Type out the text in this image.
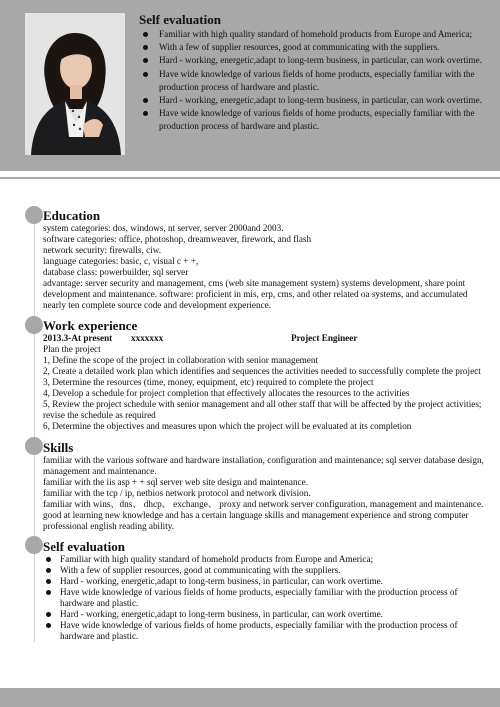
Self evaluation
Familiar with high quality standard of homehold products from Europe and America;
With a few of supplier resources, good at communicating with the suppliers.
Hard - working, energetic,adapt to long-term business, in particular, can work overtime.
Have wide knowledge of various fields of home products, especially familiar with the production process of hardware and plastic.
Hard - working, energetic,adapt to long-term business, in particular, can work overtime.
Have wide knowledge of various fields of home products, especially familiar with the production process of hardware and plastic.
Education
system categories: dos, windows, nt server, server 2000and 2003.
software categories: office, photoshop, dreamweaver, firework, and flash
network security: firewalls, ciw.
language categories: basic, c, visual c + +,
database class: powerbuilder, sql server
advantage: server security and management, cms (web site management system) systems development, share point
development and maintenance. software: proficient in mis, erp, cms, and other related oa systems, and accumulated
nearly ten complete source code and development experience.
Work experience
2013.3-At present	xxxxxxx	Project Engineer
Plan the project
1, Define the scope of the project in collaboration with senior management
2, Create a detailed work plan which identifies and sequences the activities needed to successfully complete the project
3, Determine the resources (time, money, equipment, etc) required to complete the project
4, Develop a schedule for project completion that effectively allocates the resources to the activities
5, Review the project schedule with senior management and all other staff that will be affected by the project activities;
revise the schedule as required
6, Determine the objectives and measures upon which the project will be evaluated at its completion
Skills
familiar with the various software and hardware installation, configuration and maintenance; sql server database design,
management and maintenance.
familiar with the iis asp + + sql server web site design and maintenance.
familiar with the tcp / ip, netbios network protocol and network division.
familiar with wins、dns、 dhcp、 exchange、 proxy and network server configuration, management and maintenance.
good at learning new knowledge and has a certain language skills and management experience and strong computer
professional english reading ability.
Self evaluation
Familiar with high quality standard of homehold products from Europe and America;
With a few of supplier resources, good at communicating with the suppliers.
Hard - working, energetic,adapt to long-term business, in particular, can work overtime.
Have wide knowledge of various fields of home products, especially familiar with the production process of hardware and plastic.
Hard - working, energetic,adapt to long-term business, in particular, can work overtime.
Have wide knowledge of various fields of home products, especially familiar with the production process of hardware and plastic.
